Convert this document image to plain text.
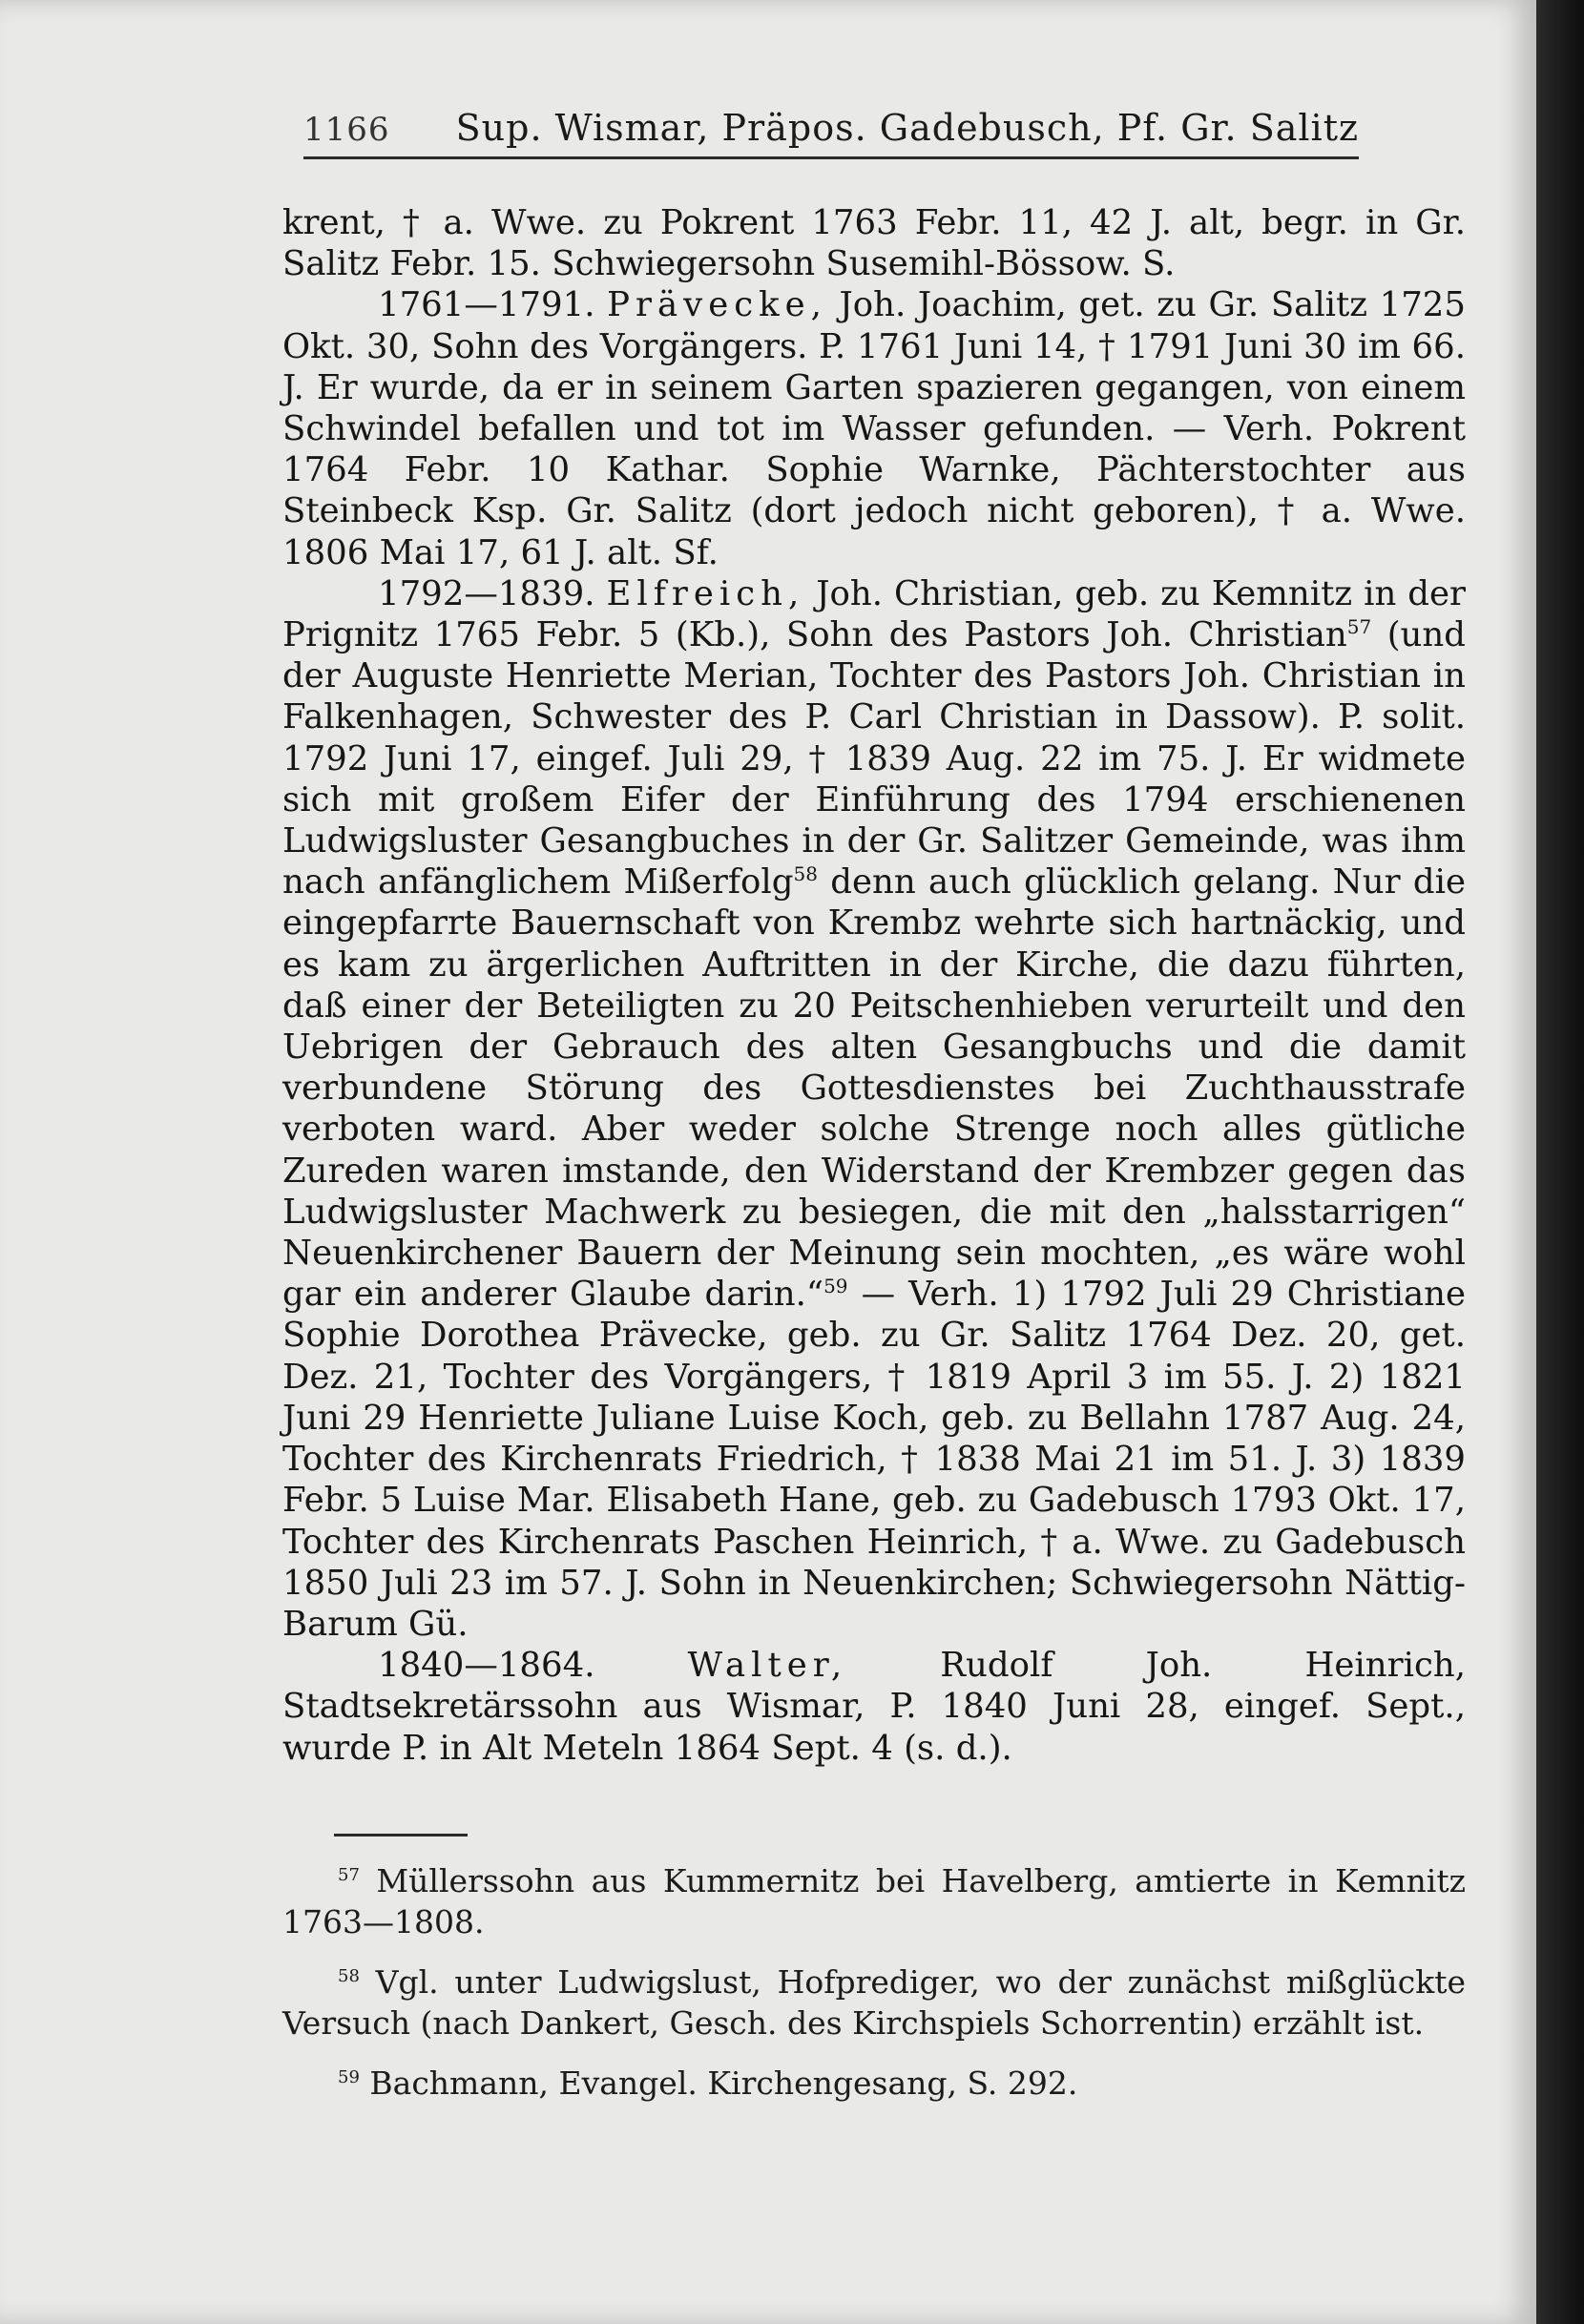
1166 Sup. Wismar, Präpos. Gadebusch, Pf. Gr. Salitz

krent, † a. Wwe. zu Pokrent 1763 Febr. 11, 42 J. alt, begr. in Gr. Salitz Febr. 15. Schwiegersohn Susemihl-Bössow. S.

1761—1791. Prävecke, Joh. Joachim, get. zu Gr. Salitz 1725 Okt. 30, Sohn des Vorgängers. P. 1761 Juni 14, † 1791 Juni 30 im 66. J. Er wurde, da er in seinem Garten spazieren gegangen, von einem Schwindel befallen und tot im Wasser gefunden. — Verh. Pokrent 1764 Febr. 10 Kathar. Sophie Warnke, Pächterstochter aus Steinbeck Ksp. Gr. Salitz (dort jedoch nicht geboren), † a. Wwe. 1806 Mai 17, 61 J. alt. Sf.

1792—1839. Elfreich, Joh. Christian, geb. zu Kemnitz in der Prignitz 1765 Febr. 5 (Kb.), Sohn des Pastors Joh. Christian$^{57}$ (und der Auguste Henriette Merian, Tochter des Pastors Joh. Christian in Falkenhagen, Schwester des P. Carl Christian in Dassow). P. solit. 1792 Juni 17, eingef. Juli 29, † 1839 Aug. 22 im 75. J. Er widmete sich mit großem Eifer der Einführung des 1794 erschienenen Ludwigsluster Gesangbuches in der Gr. Salitzer Gemeinde, was ihm nach anfänglichem Mißerfolg$^{58}$ denn auch glücklich gelang. Nur die eingepfarrte Bauernschaft von Krembz wehrte sich hartnäckig, und es kam zu ärgerlichen Auftritten in der Kirche, die dazu führten, daß einer der Beteiligten zu 20 Peitschenhieben verurteilt und den Uebrigen der Gebrauch des alten Gesangbuchs und die damit verbundene Störung des Gottesdienstes bei Zuchthausstrafe verboten ward. Aber weder solche Strenge noch alles gütliche Zureden waren imstande, den Widerstand der Krembzer gegen das Ludwigsluster Machwerk zu besiegen, die mit den „halsstarrigen“ Neuenkirchener Bauern der Meinung sein mochten, „es wäre wohl gar ein anderer Glaube darin.“$^{59}$ — Verh. 1) 1792 Juli 29 Christiane Sophie Dorothea Prävecke, geb. zu Gr. Salitz 1764 Dez. 20, get. Dez. 21, Tochter des Vorgängers, † 1819 April 3 im 55. J. 2) 1821 Juni 29 Henriette Juliane Luise Koch, geb. zu Bellahn 1787 Aug. 24, Tochter des Kirchenrats Friedrich, † 1838 Mai 21 im 51. J. 3) 1839 Febr. 5 Luise Mar. Elisabeth Hane, geb. zu Gadebusch 1793 Okt. 17, Tochter des Kirchenrats Paschen Heinrich, † a. Wwe. zu Gadebusch 1850 Juli 23 im 57. J. Sohn in Neuenkirchen; Schwiegersohn Nättig-Barum Gü.

1840—1864.	Walter, Rudolf Joh. Heinrich, Stadtsekretärssohn aus Wismar, P. 1840 Juni 28, eingef. Sept., wurde P. in Alt Meteln 1864 Sept. 4 (s. d.).

$^{57}$ Müllerssohn aus Kummernitz bei Havelberg, amtierte in Kemnitz 1763—1808.

$^{58}$ Vgl. unter Ludwigslust, Hofprediger, wo der zunächst mißglückte Versuch (nach Dankert, Gesch. des Kirchspiels Schorrentin) erzählt ist.

$^{59}$ Bachmann, Evangel. Kirchengesang, S. 292.
